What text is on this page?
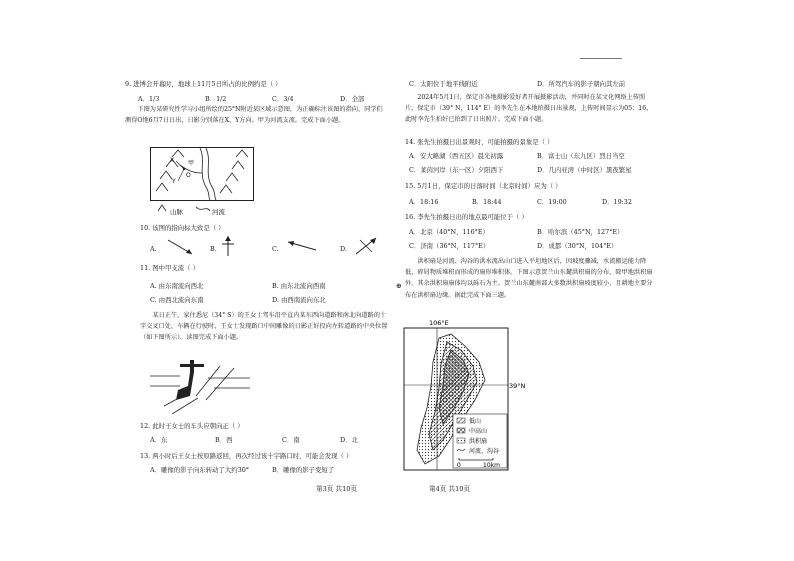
9. 进博会开幕时，地球上11月5日所占的比例约是（ ）
A．1/3	B．1/2	C．3/4	D．全部
下图为某研究性学习小组所绘的25°N附近某区域示意图，为正确标注该图的指向，同学们测得O地6月7日日出，日影分别落在X、Y方向。甲为河流支流。完成下面小题。
X
Y
O
甲
山脉	河流
10. 该图的指向标大致是（ ）
A.	B.	C.	D.
11. 图中甲支流（ ）
A. 由东南流向西北	B. 由东北流向西南
C. 由西北流向东南	D. 由西南流向东北
某日正午，家住悉尼（34° S）的王女士驾车沿平直内某东西向道路和南北向道路的十字交叉口处，车辆在行驶时，王女士发现路口中间雕像的日影正好投向左转道路的中央位置（如下图所示）。读图完成下面小题。
12. 此时王女士的车头应朝向正（ ）
A．东	B．西	C．南	D．北
13. 两小时后王女士按原路返回，再次经过该十字路口时，可能会发现（ ）
A．雕像的影子向东转动了大约30°	B．雕像的影子变短了
第3页 共10页
⊕
C．太阳位于地平线附近	D．所驾汽车的影子朝向其左前
2024年5月1日，保定市各地摄影爱好者开展摄影活动，并同时在某文化网络上传照片，保定市（39° N，114° E）的李先生在本地拍摄日出景观，上传时间显示为05：16，此时李先生拍好已拍到了日出照片。完成下面小题。
14. 张先生拍摄日出景观时，可能拍摄的景象是（ ）
A．安大略湖（西五区）晨光初露	B．富士山（东九区）烈日当空
C．莱茵河岸（东一区）夕阳西下	D．几内亚湾（中时区）黑夜繁星
15. 5月1日，保定市的日落时间（北京时间）应为（ ）
A．18:16	B．18:44	C．19:00	D．19:32
16. 李先生拍摄日出的地点最可能位于（ ）
A．北京（40°N，116°E）	B．哈尔滨（45°N，127°E）
C．济南（36°N，117°E）	D．成都（30°N，104°E）
洪积扇是河流、沟谷的洪水流出山口进入平坦地区后，因坡度骤减，水流搬运能力降低，碎屑物质堆积而形成的扇形堆积体。下图示意贺兰山东麓洪积扇的分布，除甲地洪积扇外，其余洪积扇扇体均以砾石为主。贺兰山东麓南部大多数洪积扇坡度较小，且耕地主要分布在洪积扇边缘。据此完成下面三题。
106°E
39°N
低山
中高山
洪积扇
河流、沟谷
0	10km
第4页 共10页
